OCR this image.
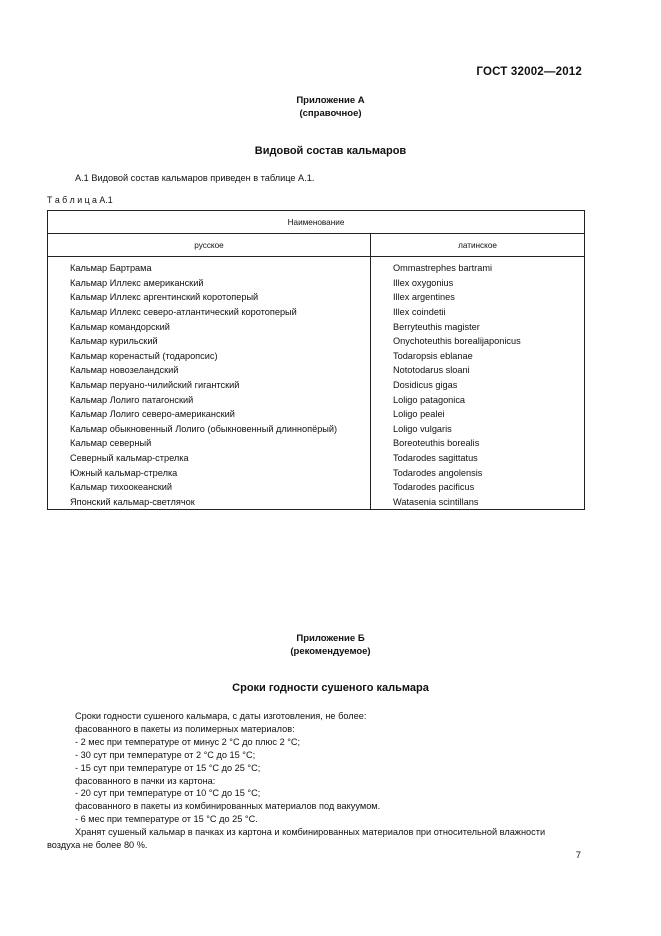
ГОСТ 32002—2012
Приложение А
(справочное)
Видовой состав кальмаров
А.1 Видовой состав кальмаров приведен в таблице А.1.
Т а б л и ц а А.1
Наименование	
русское	латинское
Кальмар Бартрама	Ommastrephes bartrami
Кальмар Иллекс американский	Illex oxygonius
Кальмар Иллекс аргентинский коротоперый	Illex argentines
Кальмар Иллекс северо-атлантический коротоперый	Illex coindetii
Кальмар командорский	Berryteuthis magister
Кальмар курильский	Onychoteuthis borealijaponicus
Кальмар коренастый (тодаропсис)	Todaropsis eblanae
Кальмар новозеландский	Nototodarus sloani
Кальмар перуано-чилийский гигантский	Dosidicus gigas
Кальмар Лолиго патагонский	Loligo patagonica
Кальмар Лолиго северо-американский	Loligo pealei
Кальмар обыкновенный Лолиго (обыкновенный длиннопёрый)	Loligo vulgaris
Кальмар северный	Boreoteuthis borealis
Северный кальмар-стрелка	Todarodes sagittatus
Южный кальмар-стрелка	Todarodes angolensis
Кальмар тихоокеанский	Todarodes pacificus
Японский кальмар-светлячок	Watasenia scintillans
Приложение Б
(рекомендуемое)
Сроки годности сушеного кальмара
Сроки годности сушеного кальмара, с даты изготовления, не более:
фасованного в пакеты из полимерных материалов:
- 2 мес при температуре от минус 2 °С до плюс 2 °С;
- 30 сут при температуре от 2 °С до 15 °С;
- 15 сут при температуре от 15 °С до 25 °С;
фасованного в пачки из картона:
- 20 сут при температуре от 10 °С до 15 °С;
фасованного в пакеты из комбинированных материалов под вакуумом.
- 6 мес при температуре от 15 °С до 25 °С.
Хранят сушеный кальмар в пачках из картона и комбинированных материалов при относительной влажности
воздуха не более 80 %.
7
